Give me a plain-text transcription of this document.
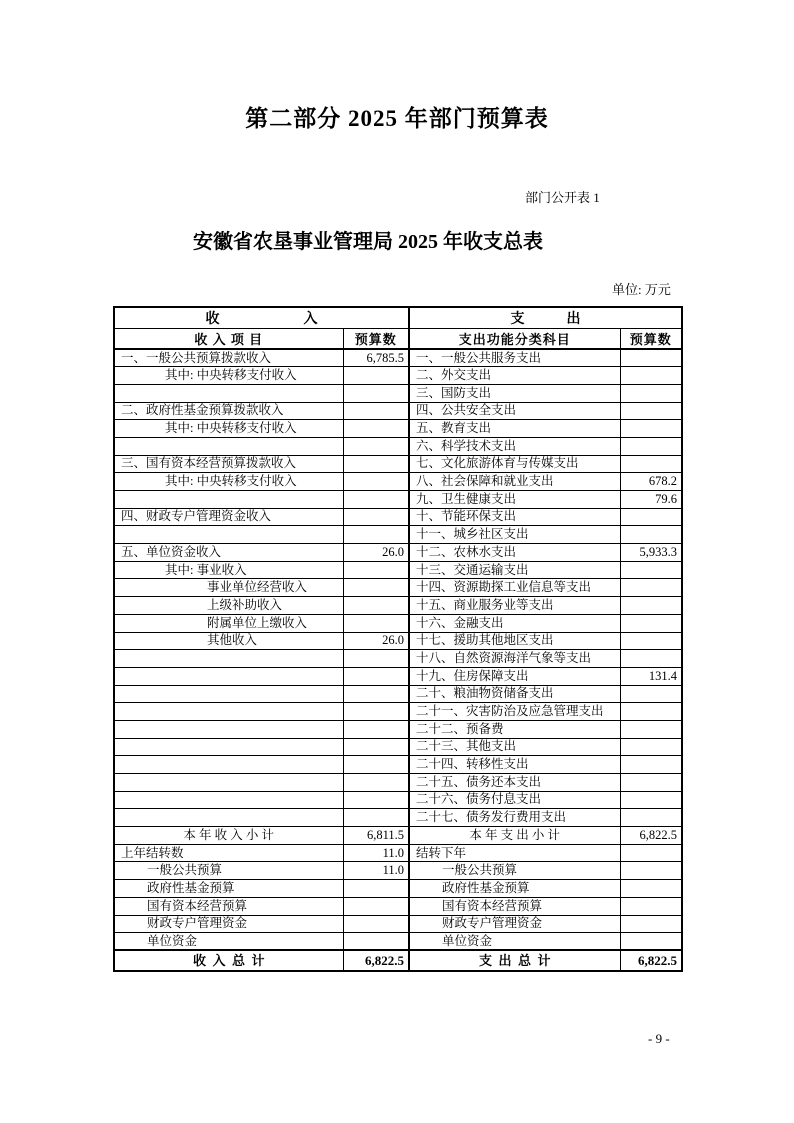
第二部分 2025 年部门预算表
部门公开表 1
安徽省农垦事业管理局 2025 年收支总表
单位: 万元
收　　　　　　入		支　　　出	
收 入 项 目	预算数	支出功能分类科目	预算数
一、一般公共预算拨款收入	6,785.5	一、一般公共服务支出	
其中: 中央转移支付收入		二、外交支出	
		三、国防支出	
二、政府性基金预算拨款收入		四、公共安全支出	
其中: 中央转移支付收入		五、教育支出	
		六、科学技术支出	
三、国有资本经营预算拨款收入		七、文化旅游体育与传媒支出	
其中: 中央转移支付收入		八、社会保障和就业支出	678.2
		九、卫生健康支出	79.6
四、财政专户管理资金收入		十、节能环保支出	
		十一、城乡社区支出	
五、单位资金收入	26.0	十二、农林水支出	5,933.3
其中: 事业收入		十三、交通运输支出	
事业单位经营收入		十四、资源勘探工业信息等支出	
上级补助收入		十五、商业服务业等支出	
附属单位上缴收入		十六、金融支出	
其他收入	26.0	十七、援助其他地区支出	
		十八、自然资源海洋气象等支出	
		十九、住房保障支出	131.4
		二十、粮油物资储备支出	
		二十一、灾害防治及应急管理支出	
		二十二、预备费	
		二十三、其他支出	
		二十四、转移性支出	
		二十五、债务还本支出	
		二十六、债务付息支出	
		二十七、债务发行费用支出	
本 年 收 入 小 计	6,811.5	本 年 支 出 小 计	6,822.5
上年结转数	11.0	结转下年	
一般公共预算	11.0	一般公共预算	
政府性基金预算		政府性基金预算	
国有资本经营预算		国有资本经营预算	
财政专户管理资金		财政专户管理资金	
单位资金		单位资金	
收  入  总  计	6,822.5	支  出  总  计	6,822.5
- 9 -
